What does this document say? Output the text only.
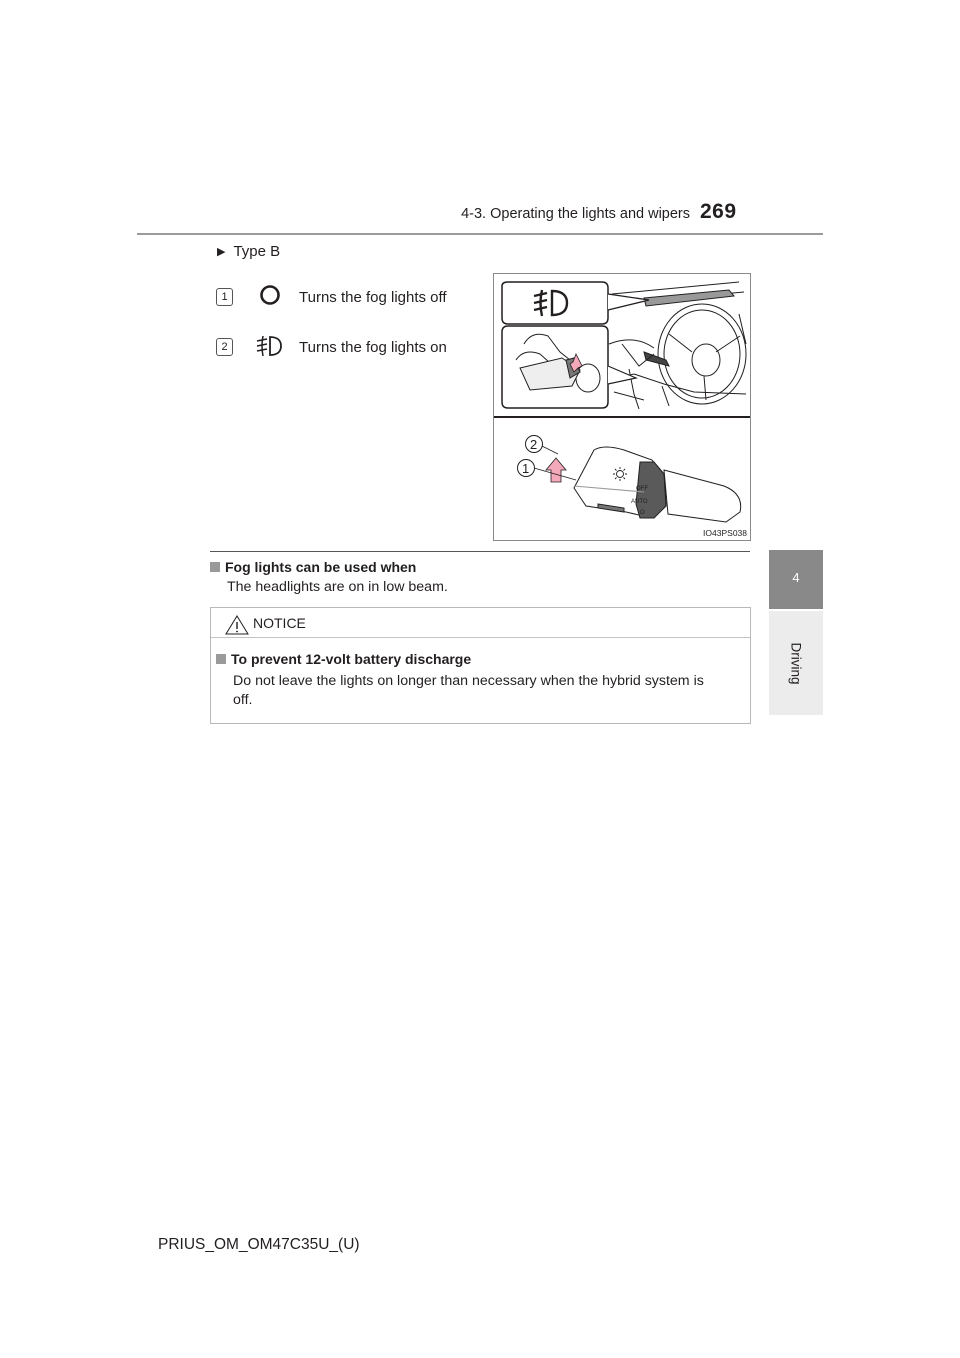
4-3. Operating the lights and wipers 269
4
Driving
▶ Type B
1	Turns the fog lights off
2	Turns the fog lights on
AUTO
OFF
O
2
1
IO43PS038
Fog lights can be used when
The headlights are on in low beam.
NOTICE
To prevent 12-volt battery discharge
Do not leave the lights on longer than necessary when the hybrid system is
off.
PRIUS_OM_OM47C35U_(U)
